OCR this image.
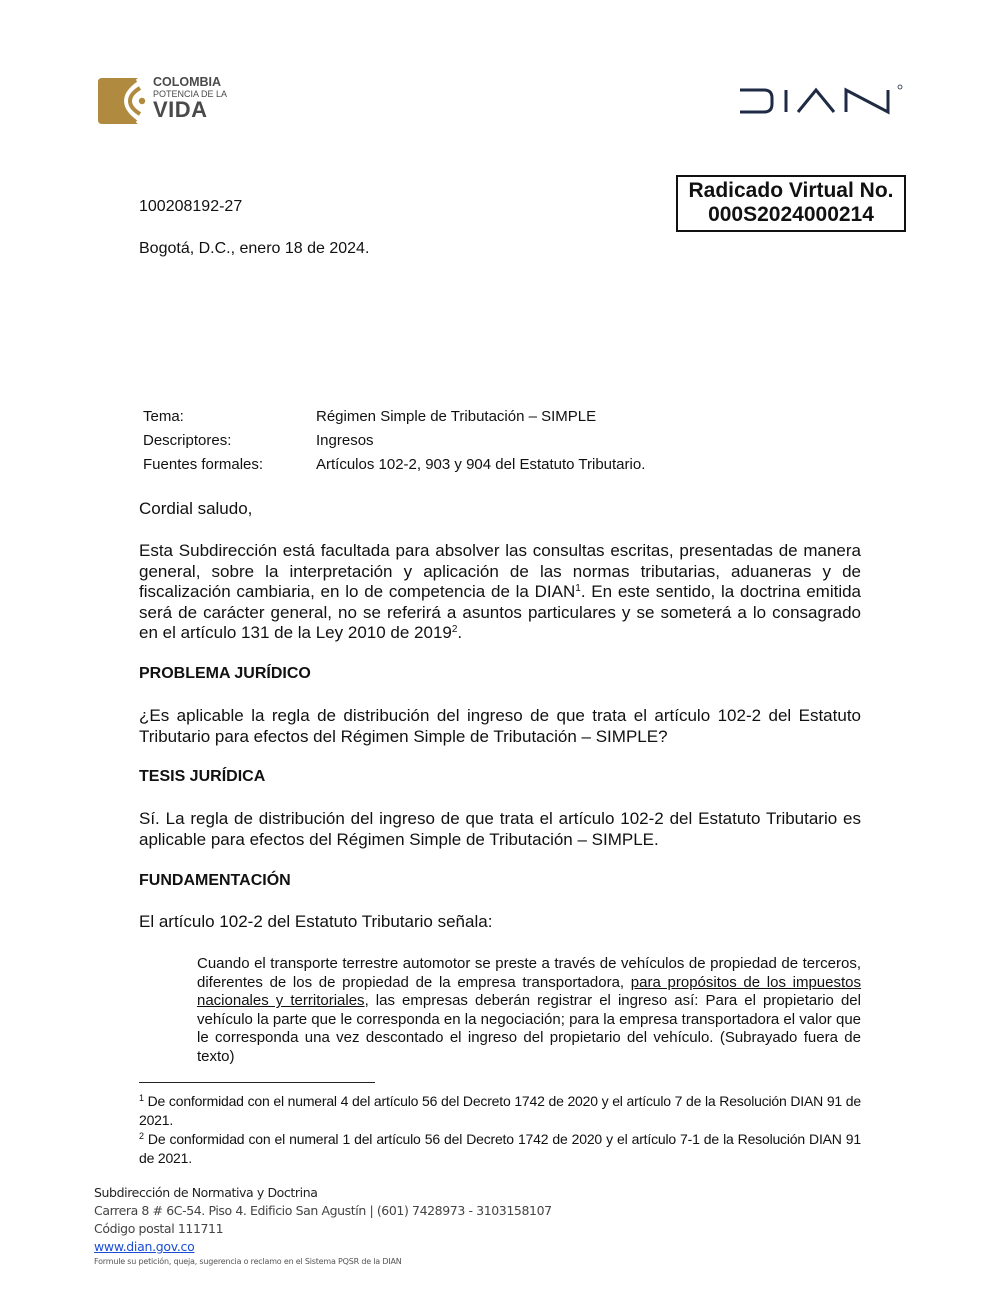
COLOMBIA
POTENCIA DE LA
VIDA
100208192-27
Bogotá, D.C., enero 18 de 2024.
Radicado Virtual No.
000S2024000214
Tema:	Régimen Simple de Tributación – SIMPLE
Descriptores:	Ingresos
Fuentes formales:	Artículos 102-2, 903 y 904 del Estatuto Tributario.
Cordial saludo,
Esta Subdirección está facultada para absolver las consultas escritas, presentadas de manera general, sobre la interpretación y aplicación de las normas tributarias, aduaneras y de fiscalización cambiaria, en lo de competencia de la DIAN$^1$. En este sentido, la doctrina emitida será de carácter general, no se referirá a asuntos particulares y se someterá a lo consagrado en el artículo 131 de la Ley 2010 de 2019$^2$.
PROBLEMA JURÍDICO
¿Es aplicable la regla de distribución del ingreso de que trata el artículo 102-2 del Estatuto Tributario para efectos del Régimen Simple de Tributación – SIMPLE?
TESIS JURÍDICA
Sí. La regla de distribución del ingreso de que trata el artículo 102-2 del Estatuto Tributario es aplicable para efectos del Régimen Simple de Tributación – SIMPLE.
FUNDAMENTACIÓN
El artículo 102-2 del Estatuto Tributario señala:
Cuando el transporte terrestre automotor se preste a través de vehículos de propiedad de terceros, diferentes de los de propiedad de la empresa transportadora, para propósitos de los impuestos nacionales y territoriales, las empresas deberán registrar el ingreso así: Para el propietario del vehículo la parte que le corresponda en la negociación; para la empresa transportadora el valor que le corresponda una vez descontado el ingreso del propietario del vehículo. (Subrayado fuera de texto)
$^1$ De conformidad con el numeral 4 del artículo 56 del Decreto 1742 de 2020 y el artículo 7 de la Resolución DIAN 91 de 2021.
$^2$ De conformidad con el numeral 1 del artículo 56 del Decreto 1742 de 2020 y el artículo 7-1 de la Resolución DIAN 91 de 2021.
Subdirección de Normativa y Doctrina
Carrera 8 # 6C-54. Piso 4. Edificio San Agustín | (601) 7428973 - 3103158107
Código postal 111711
www.dian.gov.co
Formule su petición, queja, sugerencia o reclamo en el Sistema PQSR de la DIAN
